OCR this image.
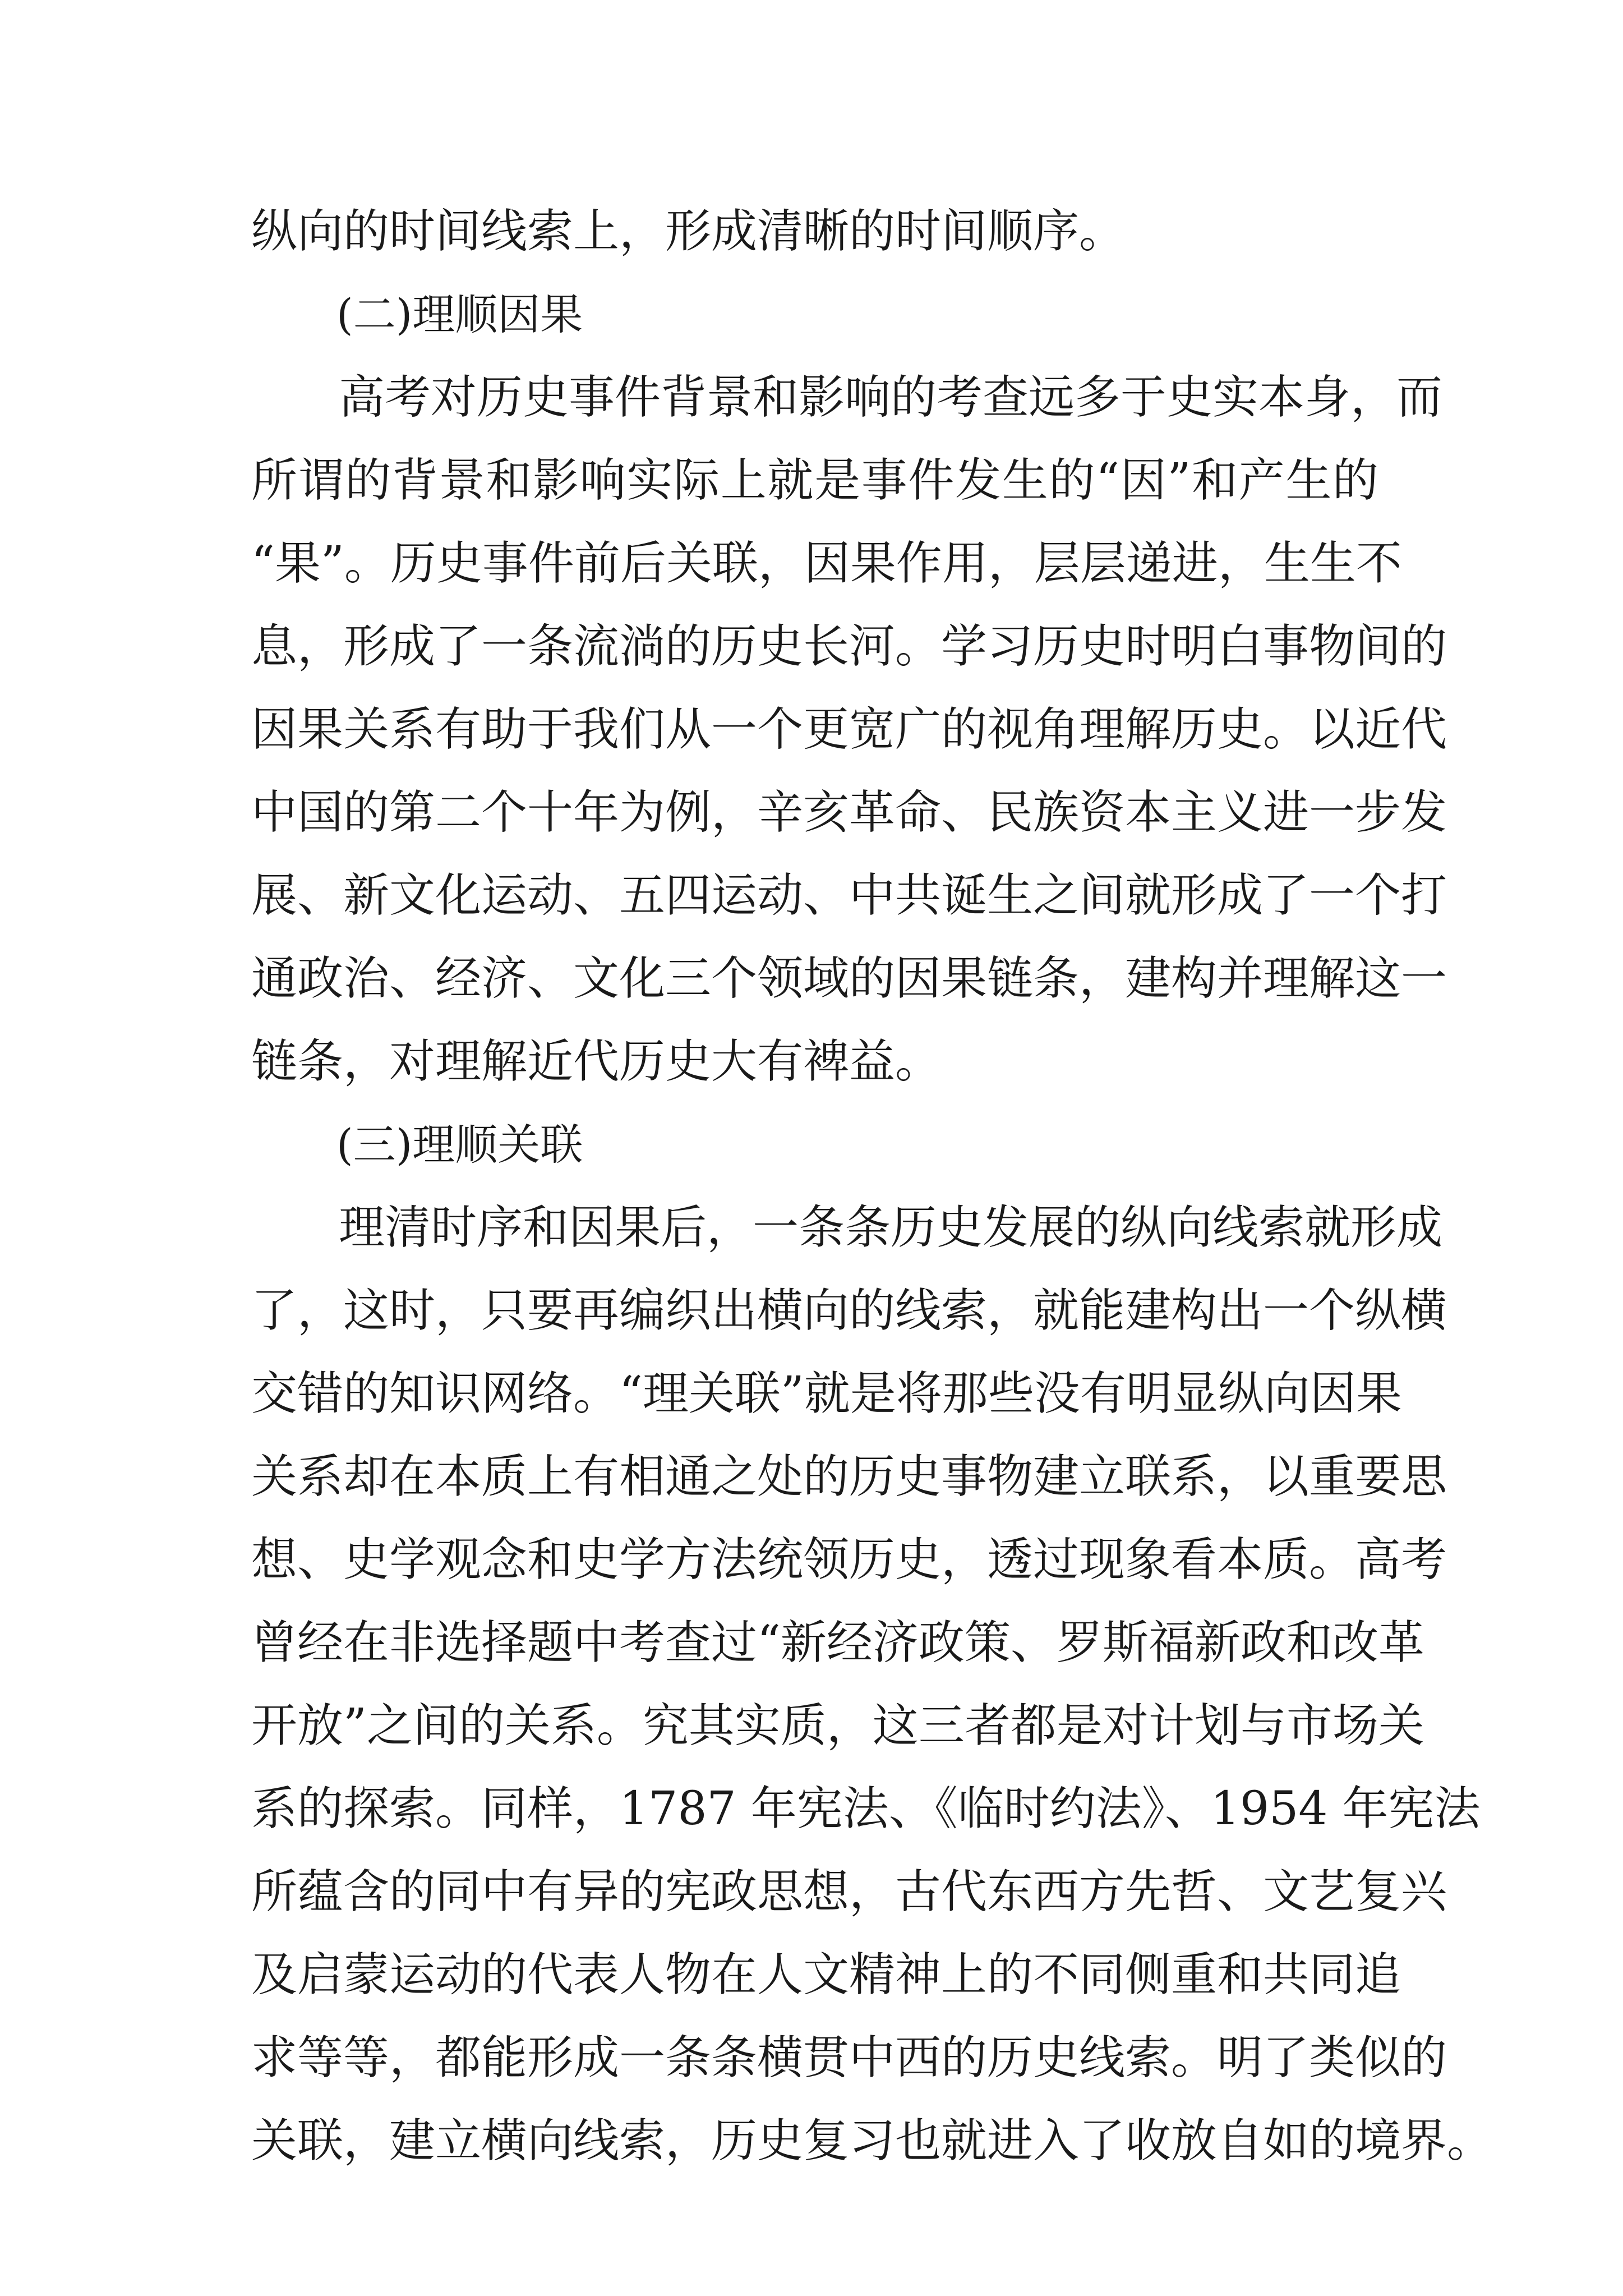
纵向的时间线索上，形成清晰的时间顺序。
(二)理顺因果
高考对历史事件背景和影响的考查远多于史实本身，而
所谓的背景和影响实际上就是事件发生的“因”和产生的
“果”。历史事件前后关联，因果作用，层层递进，生生不
息，形成了一条流淌的历史长河。学习历史时明白事物间的
因果关系有助于我们从一个更宽广的视角理解历史。以近代
中国的第二个十年为例，辛亥革命、民族资本主义进一步发
展、新文化运动、五四运动、中共诞生之间就形成了一个打
通政治、经济、文化三个领域的因果链条，建构并理解这一
链条，对理解近代历史大有裨益。
(三)理顺关联
理清时序和因果后，一条条历史发展的纵向线索就形成
了，这时，只要再编织出横向的线索，就能建构出一个纵横
交错的知识网络。“理关联”就是将那些没有明显纵向因果
关系却在本质上有相通之处的历史事物建立联系，以重要思
想、史学观念和史学方法统领历史，透过现象看本质。高考
曾经在非选择题中考查过“新经济政策、罗斯福新政和改革
开放”之间的关系。究其实质，这三者都是对计划与市场关
系的探索。同样，1787 年宪法、《临时约法》、1954 年宪法
所蕴含的同中有异的宪政思想，古代东西方先哲、文艺复兴
及启蒙运动的代表人物在人文精神上的不同侧重和共同追
求等等，都能形成一条条横贯中西的历史线索。明了类似的
关联，建立横向线索，历史复习也就进入了收放自如的境界。
